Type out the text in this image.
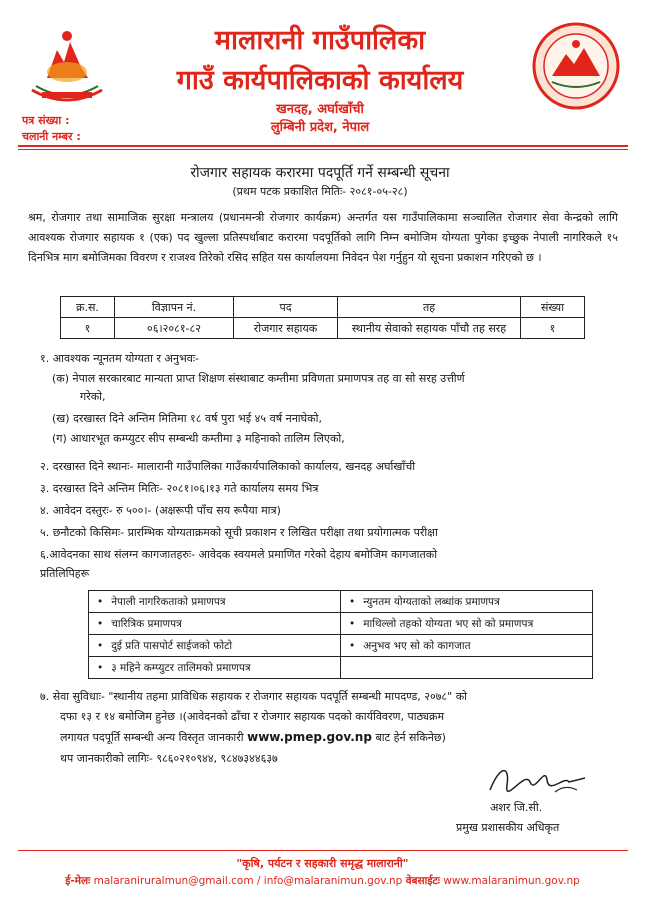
मालारानी गाउँपालिका
गाउँ कार्यपालिकाको कार्यालय
खनदह, अर्घाखाँची
लुम्बिनी प्रदेश, नेपाल
पत्र संख्या :
चलानी नम्बर :
रोजगार सहायक करारमा पदपूर्ति गर्ने सम्बन्धी सूचना
(प्रथम पटक प्रकाशित मितिः- २०८१-०५-२८)
श्रम, रोजगार तथा सामाजिक सुरक्षा मन्त्रालय (प्रधानमन्त्री रोजगार कार्यक्रम) अन्तर्गत यस गाउँपालिकामा सञ्चालित रोजगार सेवा केन्द्रको लागि आवश्यक रोजगार सहायक १ (एक) पद खुल्ला प्रतिस्पर्धाबाट करारमा पदपूर्तिको लागि निम्न बमोजिम योग्यता पुगेका इच्छुक नेपाली नागरिकले १५ दिनभित्र माग बमोजिमका विवरण र राजश्व तिरेको रसिद सहित यस कार्यालयमा निवेदन पेश गर्नुहुन यो सूचना प्रकाशन गरिएको छ ।
क्र.स.	विज्ञापन नं.	पद	तह	संख्या
१	०६।२०८१-८२	रोजगार सहायक	स्थानीय सेवाको सहायक पाँचौ तह सरह	१
१. आवश्यक न्यूनतम योग्यता र अनुभवः-
(क) नेपाल सरकारबाट मान्यता प्राप्त शिक्षण संस्थाबाट कम्तीमा प्रविणता प्रमाणपत्र तह वा सो सरह उत्तीर्ण
गरेको,
(ख) दरखास्त दिने अन्तिम मितिमा १८ वर्ष पुरा भई ४५ वर्ष ननाघेको,
(ग) आधारभूत कम्प्युटर सीप सम्बन्धी कम्तीमा ३ महिनाको तालिम लिएको,
२. दरखास्त दिने स्थानः- मालारानी गाउँपालिका गाउँकार्यपालिकाको कार्यालय, खनदह अर्घाखाँची
३. दरखास्त दिने अन्तिम मितिः- २०८१।०६।१३ गते कार्यालय समय भित्र
४. आवेदन दस्तुरः- रु ५००।- (अक्षरूपी पाँच सय रूपैया मात्र)
५. छनौटको किसिमः- प्रारम्भिक योग्यताक्रमको सूची प्रकाशन र लिखित परीक्षा तथा प्रयोगात्मक परीक्षा
६.आवेदनका साथ संलग्न कागजातहरुः- आवेदक स्वयमले प्रमाणित गरेको देहाय बमोजिम कागजातको
प्रतिलिपिहरू
• नेपाली नागरिकताको प्रमाणपत्र	• न्युनतम योग्यताको लब्धांक प्रमाणपत्र
• चारित्रिक प्रमाणपत्र	• माथिल्लो तहको योग्यता भए सो को प्रमाणपत्र
• दुई प्रति पासपोर्ट साईजको फोटो	• अनुभव भए सो को कागजात
• ३ महिने कम्प्युटर तालिमको प्रमाणपत्र	
७. सेवा सुविधाः- "स्थानीय तहमा प्राविधिक सहायक र रोजगार सहायक पदपूर्ति सम्बन्धी मापदण्ड, २०७८" को
दफा १३ र १४ बमोजिम हुनेछ ।(आवेदनको ढाँचा र रोजगार सहायक पदको कार्यविवरण, पाठ्यक्रम
लगायत पदपूर्ति सम्बन्धी अन्य विस्तृत जानकारी www.pmep.gov.np बाट हेर्न सकिनेछ)
थप जानकारीको लागिः- ९८६०२१०९४४, ९८४७३४४६३७
अशर जि.सी.
प्रमुख प्रशासकीय अधिकृत
"कृषि, पर्यटन र सहकारी समृद्ध मालारानी"
ई-मेलः malaraniruralmun@gmail.com / info@malaranimun.gov.np वेबसाईटः www.malaranimun.gov.np
